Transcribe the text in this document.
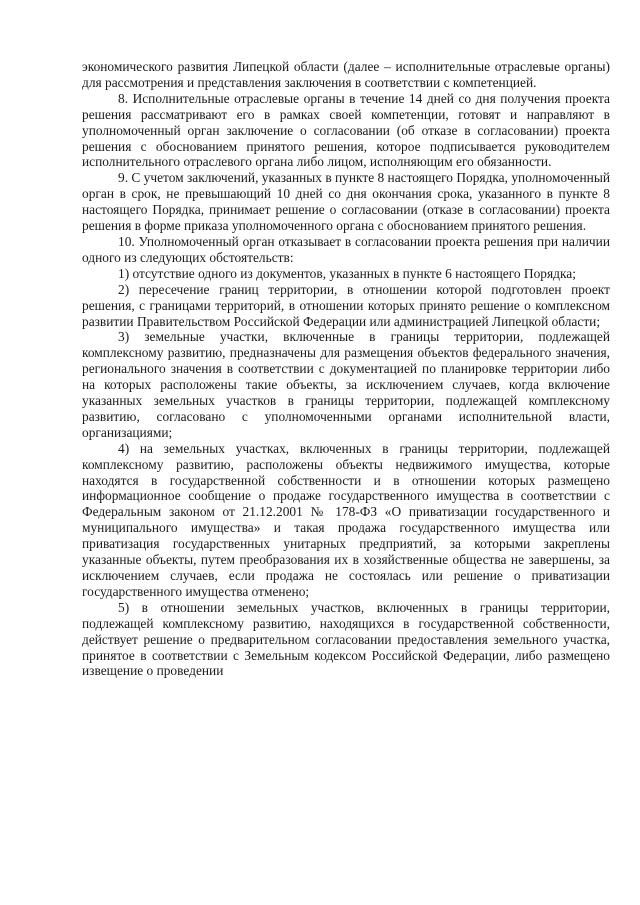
экономического развития Липецкой области (далее – исполнительные отраслевые органы) для рассмотрения и представления заключения в соответствии с компетенцией.

8. Исполнительные отраслевые органы в течение 14 дней со дня получения проекта решения рассматривают его в рамках своей компетенции, готовят и направляют в уполномоченный орган заключение о согласовании (об отказе в согласовании) проекта решения с обоснованием принятого решения, которое подписывается руководителем исполнительного отраслевого органа либо лицом, исполняющим его обязанности.

9. С учетом заключений, указанных в пункте 8 настоящего Порядка, уполномоченный орган в срок, не превышающий 10 дней со дня окончания срока, указанного в пункте 8 настоящего Порядка, принимает решение о согласовании (отказе в согласовании) проекта решения в форме приказа уполномоченного органа с обоснованием принятого решения.

10. Уполномоченный орган отказывает в согласовании проекта решения при наличии одного из следующих обстоятельств:

1) отсутствие одного из документов, указанных в пункте 6 настоящего Порядка;

2) пересечение границ территории, в отношении которой подготовлен проект решения, с границами территорий, в отношении которых принято решение о комплексном развитии Правительством Российской Федерации или администрацией Липецкой области;

3) земельные участки, включенные в границы территории, подлежащей комплексному развитию, предназначены для размещения объектов федерального значения, регионального значения в соответствии с документацией по планировке территории либо на которых расположены такие объекты, за исключением случаев, когда включение указанных земельных участков в границы территории, подлежащей комплексному развитию, согласовано с уполномоченными органами исполнительной власти, организациями;

4) на земельных участках, включенных в границы территории, подлежащей комплексному развитию, расположены объекты недвижимого имущества, которые находятся в государственной собственности и в отношении которых размещено информационное сообщение о продаже государственного имущества в соответствии с Федеральным законом от 21.12.2001 № 178-ФЗ «О приватизации государственного и муниципального имущества» и такая продажа государственного имущества или приватизация государственных унитарных предприятий, за которыми закреплены указанные объекты, путем преобразования их в хозяйственные общества не завершены, за исключением случаев, если продажа не состоялась или решение о приватизации государственного имущества отменено;

5) в отношении земельных участков, включенных в границы территории, подлежащей комплексному развитию, находящихся в государственной собственности, действует решение о предварительном согласовании предоставления земельного участка, принятое в соответствии с Земельным кодексом Российской Федерации, либо размещено извещение о проведении
